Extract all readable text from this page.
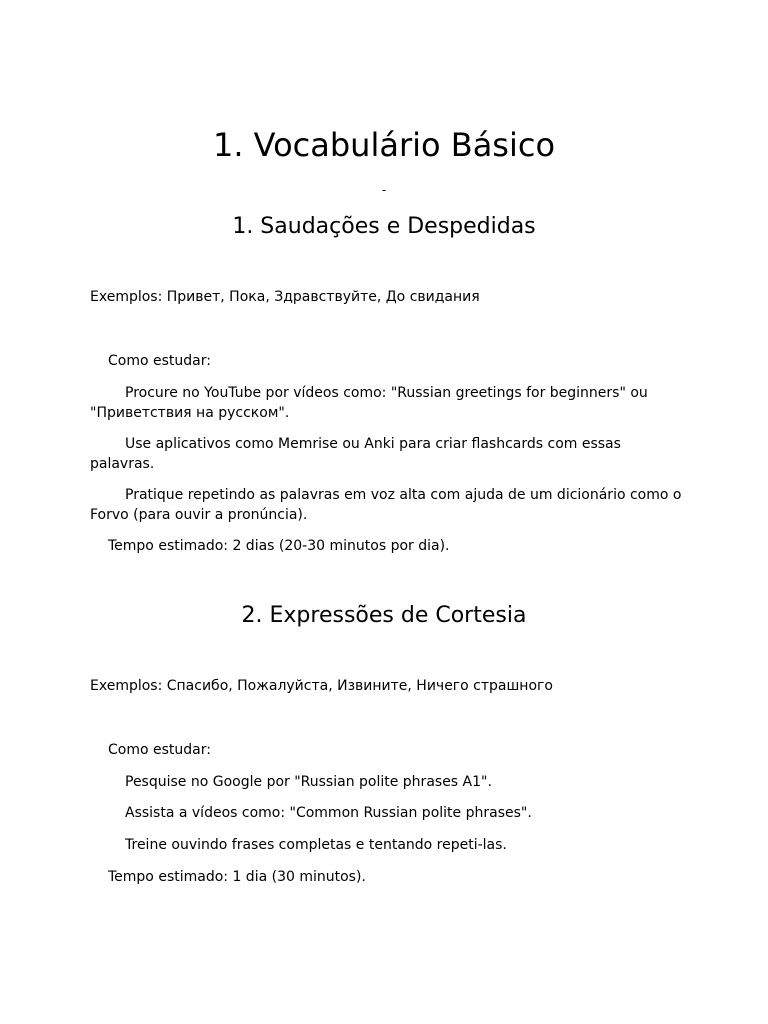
1. Vocabulário Básico
-
1. Saudações e Despedidas

Exemplos: Привет, Пока, Здравствуйте, До свидания

Como estudar:

Procure no YouTube por vídeos como: "Russian greetings for beginners" ou "Приветствия на русском".

Use aplicativos como Memrise ou Anki para criar flashcards com essas palavras.

Pratique repetindo as palavras em voz alta com ajuda de um dicionário como o Forvo (para ouvir a pronúncia).

Tempo estimado: 2 dias (20-30 minutos por dia).

2. Expressões de Cortesia

Exemplos: Спасибо, Пожалуйста, Извините, Ничего страшного

Como estudar:

Pesquise no Google por "Russian polite phrases A1".

Assista a vídeos como: "Common Russian polite phrases".

Treine ouvindo frases completas e tentando repeti-las.

Tempo estimado: 1 dia (30 minutos).
